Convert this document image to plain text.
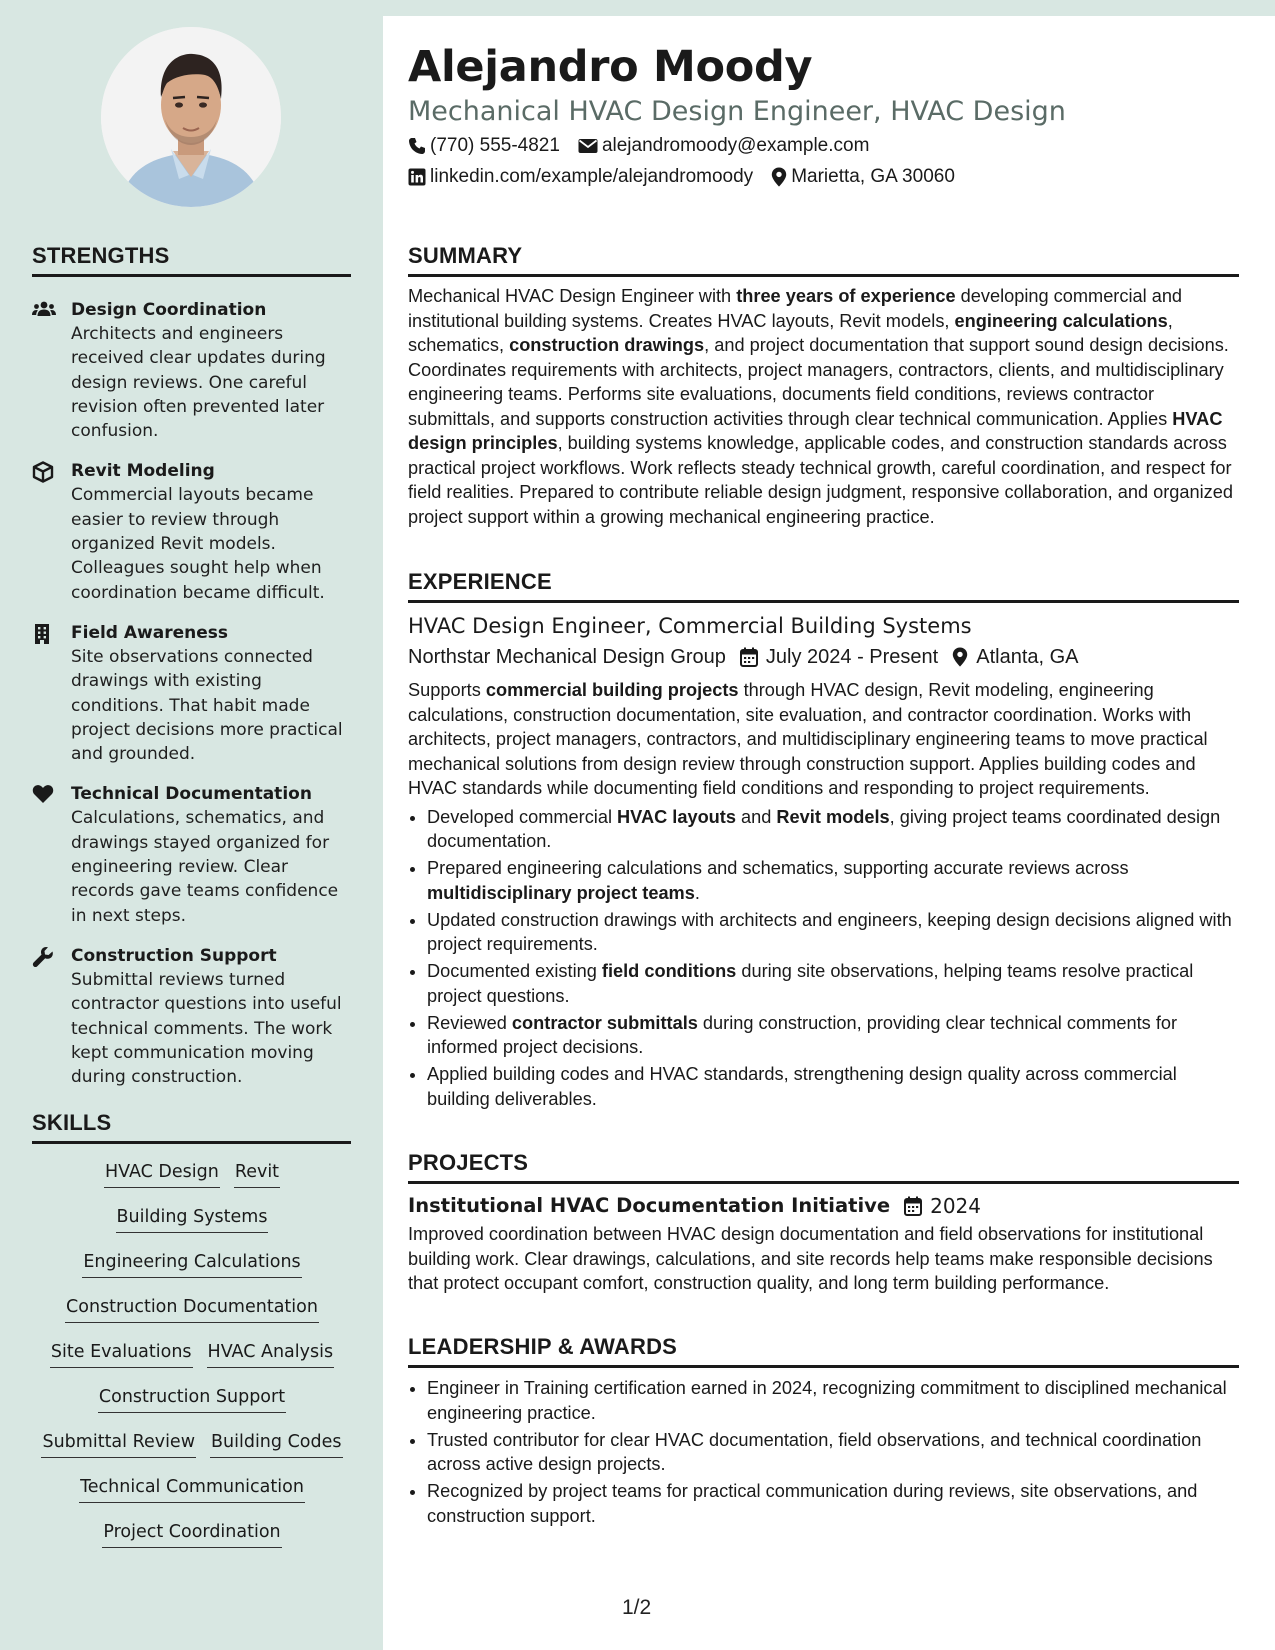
STRENGTHS
Design Coordination
Architects and engineers received clear updates during design reviews. One careful revision often prevented later confusion.
Revit Modeling
Commercial layouts became easier to review through organized Revit models. Colleagues sought help when coordination became difficult.
Field Awareness
Site observations connected drawings with existing conditions. That habit made project decisions more practical and grounded.
Technical Documentation
Calculations, schematics, and drawings stayed organized for engineering review. Clear records gave teams confidence in next steps.
Construction Support
Submittal reviews turned contractor questions into useful technical comments. The work kept communication moving during construction.
SKILLS
HVAC Design Revit
Building Systems
Engineering Calculations
Construction Documentation
Site Evaluations HVAC Analysis
Construction Support
Submittal Review Building Codes
Technical Communication
Project Coordination
Alejandro Moody
Mechanical HVAC Design Engineer, HVAC Design
(770) 555-4821 alejandromoody@example.com
linkedin.com/example/alejandromoody Marietta, GA 30060
SUMMARY
Mechanical HVAC Design Engineer with three years of experience developing commercial and institutional building systems. Creates HVAC layouts, Revit models, engineering calculations, schematics, construction drawings, and project documentation that support sound design decisions. Coordinates requirements with architects, project managers, contractors, clients, and multidisciplinary engineering teams. Performs site evaluations, documents field conditions, reviews contractor submittals, and supports construction activities through clear technical communication. Applies HVAC design principles, building systems knowledge, applicable codes, and construction standards across practical project workflows. Work reflects steady technical growth, careful coordination, and respect for field realities. Prepared to contribute reliable design judgment, responsive collaboration, and organized project support within a growing mechanical engineering practice.
EXPERIENCE
HVAC Design Engineer, Commercial Building Systems
Northstar Mechanical Design Group July 2024 - Present Atlanta, GA
Supports commercial building projects through HVAC design, Revit modeling, engineering calculations, construction documentation, site evaluation, and contractor coordination. Works with architects, project managers, contractors, and multidisciplinary engineering teams to move practical mechanical solutions from design review through construction support. Applies building codes and HVAC standards while documenting field conditions and responding to project requirements.
• Developed commercial HVAC layouts and Revit models, giving project teams coordinated design documentation.
• Prepared engineering calculations and schematics, supporting accurate reviews across multidisciplinary project teams.
• Updated construction drawings with architects and engineers, keeping design decisions aligned with project requirements.
• Documented existing field conditions during site observations, helping teams resolve practical project questions.
• Reviewed contractor submittals during construction, providing clear technical comments for informed project decisions.
• Applied building codes and HVAC standards, strengthening design quality across commercial building deliverables.
PROJECTS
Institutional HVAC Documentation Initiative 2024
Improved coordination between HVAC design documentation and field observations for institutional building work. Clear drawings, calculations, and site records help teams make responsible decisions that protect occupant comfort, construction quality, and long term building performance.
LEADERSHIP & AWARDS
• Engineer in Training certification earned in 2024, recognizing commitment to disciplined mechanical engineering practice.
• Trusted contributor for clear HVAC documentation, field observations, and technical coordination across active design projects.
• Recognized by project teams for practical communication during reviews, site observations, and construction support.
1/2
